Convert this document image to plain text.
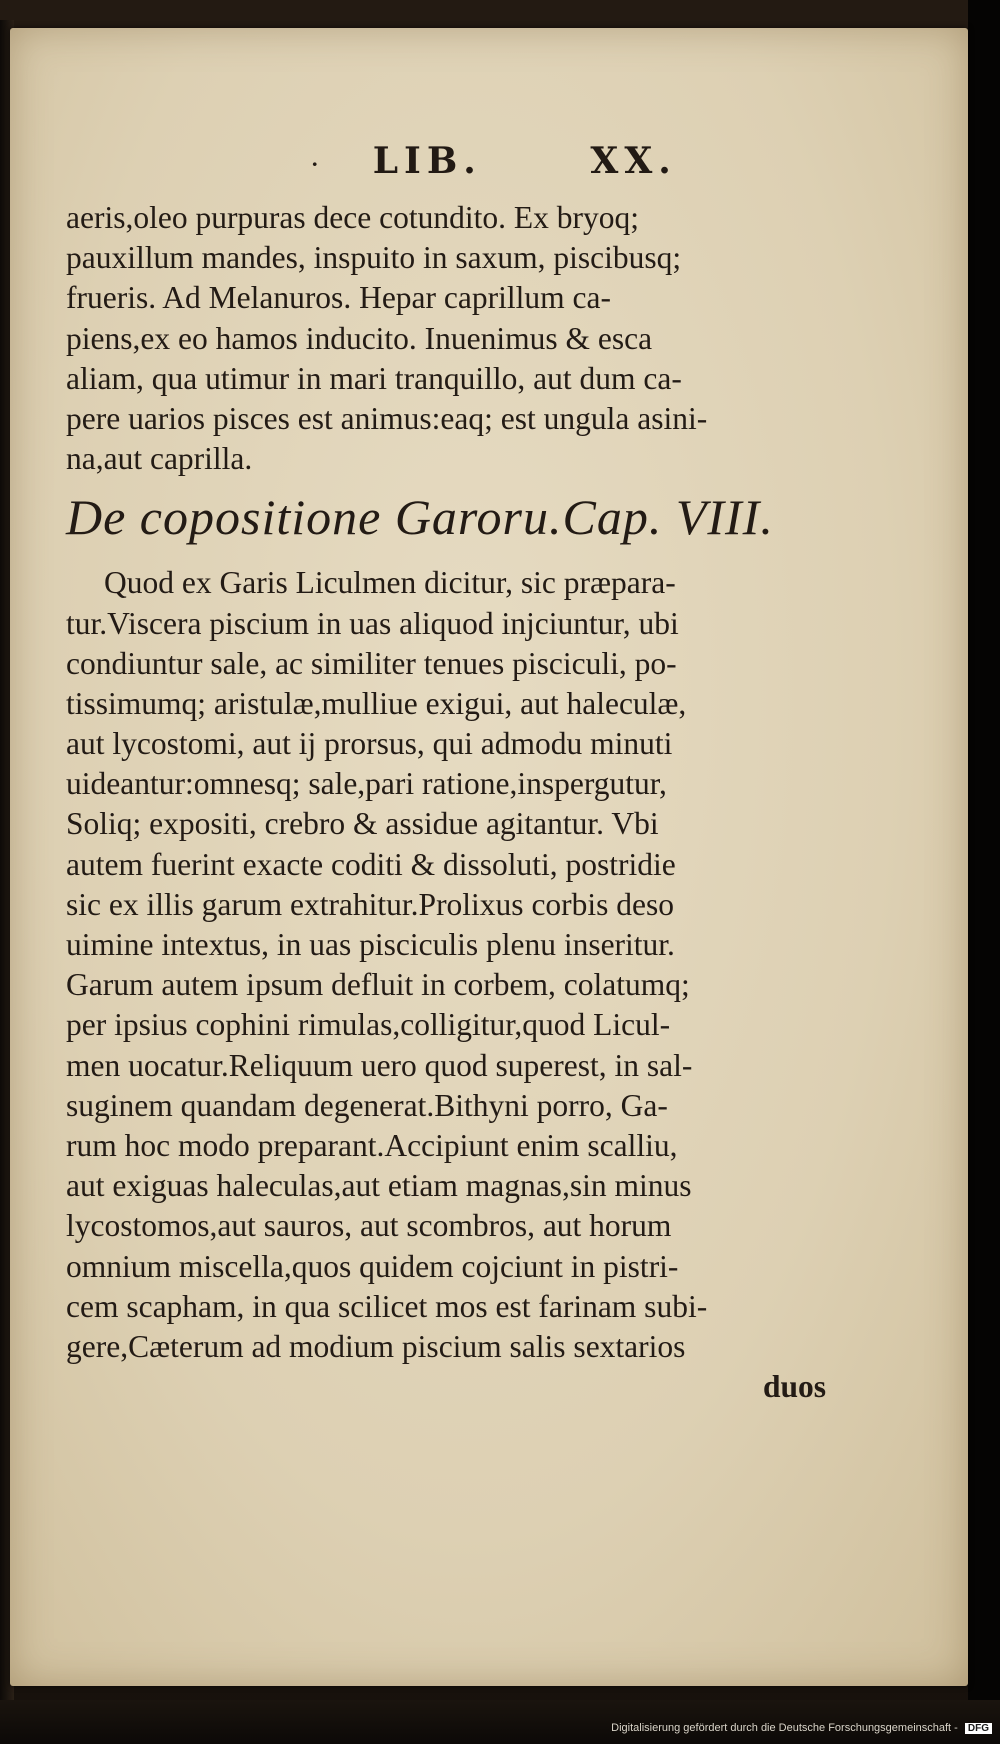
· LIB.	XX.
aeris,oleo purpuras dece cotundito. Ex bryoq;
pauxillum mandes, inspuito in saxum, piscibusq;
frueris. Ad Melanuros. Hepar caprillum ca-
piens,ex eo hamos inducito. Inuenimus & esca
aliam, qua utimur in mari tranquillo, aut dum ca-
pere uarios pisces est animus:eaq; est ungula asini-
na,aut caprilla.
De copositione Garoru.Cap. VIII.
Quod ex Garis Liculmen dicitur, sic præpara-
tur.Viscera piscium in uas aliquod injciuntur, ubi
condiuntur sale, ac similiter tenues pisciculi, po-
tissimumq; aristulæ,mulliue exigui, aut haleculæ,
aut lycostomi, aut ij prorsus, qui admodu minuti
uideantur:omnesq; sale,pari ratione,inspergutur,
Soliq; expositi, crebro & assidue agitantur. Vbi
autem fuerint exacte coditi & dissoluti, postridie
sic ex illis garum extrahitur.Prolixus corbis deso
uimine intextus, in uas pisciculis plenu inseritur.
Garum autem ipsum defluit in corbem, colatumq;
per ipsius cophini rimulas,colligitur,quod Licul-
men uocatur.Reliquum uero quod superest, in sal-
suginem quandam degenerat.Bithyni porro, Ga-
rum hoc modo preparant.Accipiunt enim scalliu,
aut exiguas haleculas,aut etiam magnas,sin minus
lycostomos,aut sauros, aut scombros, aut horum
omnium miscella,quos quidem cojciunt in pistri-
cem scapham, in qua scilicet mos est farinam subi-
gere,Cæterum ad modium piscium salis sextarios
duos
Digitalisierung gefördert durch die Deutsche Forschungsgemeinschaft - DFG
